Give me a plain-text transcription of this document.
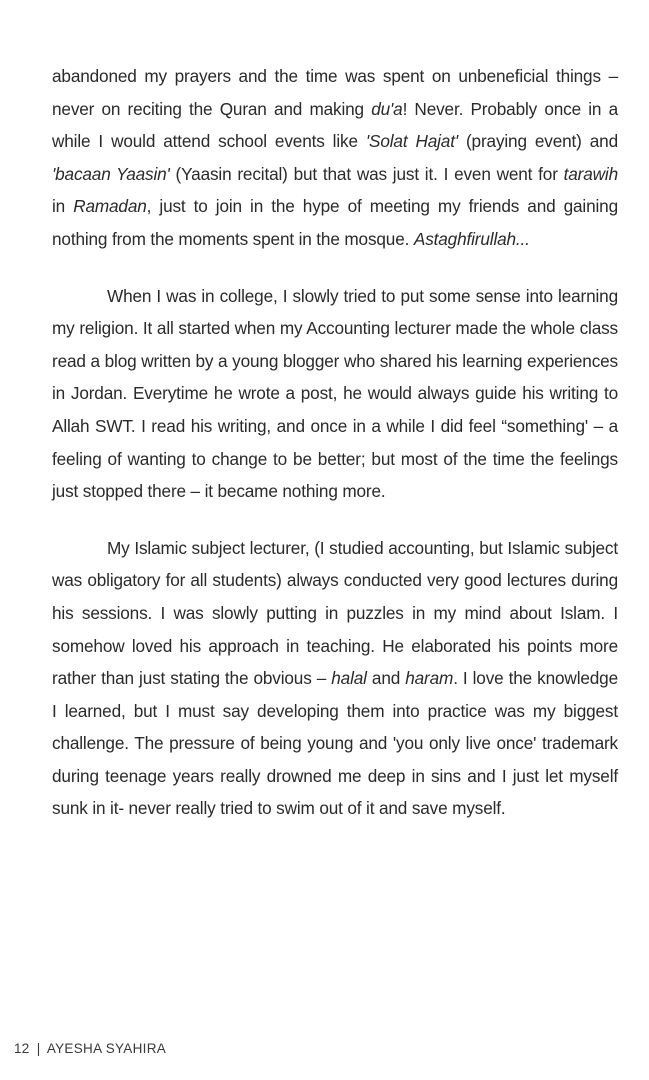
abandoned my prayers and the time was spent on unbeneficial things – never on reciting the Quran and making du'a! Never. Probably once in a while I would attend school events like 'Solat Hajat' (praying event) and 'bacaan Yaasin' (Yaasin recital) but that was just it. I even went for tarawih in Ramadan, just to join in the hype of meeting my friends and gaining nothing from the moments spent in the mosque. Astaghfirullah...

When I was in college, I slowly tried to put some sense into learning my religion. It all started when my Accounting lecturer made the whole class read a blog written by a young blogger who shared his learning experiences in Jordan. Everytime he wrote a post, he would always guide his writing to Allah SWT. I read his writing, and once in a while I did feel “something' – a feeling of wanting to change to be better; but most of the time the feelings just stopped there – it became nothing more.

My Islamic subject lecturer, (I studied accounting, but Islamic subject was obligatory for all students) always conducted very good lectures during his sessions. I was slowly putting in puzzles in my mind about Islam. I somehow loved his approach in teaching. He elaborated his points more rather than just stating the obvious – halal and haram. I love the knowledge I learned, but I must say developing them into practice was my biggest challenge. The pressure of being young and 'you only live once' trademark during teenage years really drowned me deep in sins and I just let myself sunk in it- never really tried to swim out of it and save myself.

12 | AYESHA SYAHIRA
